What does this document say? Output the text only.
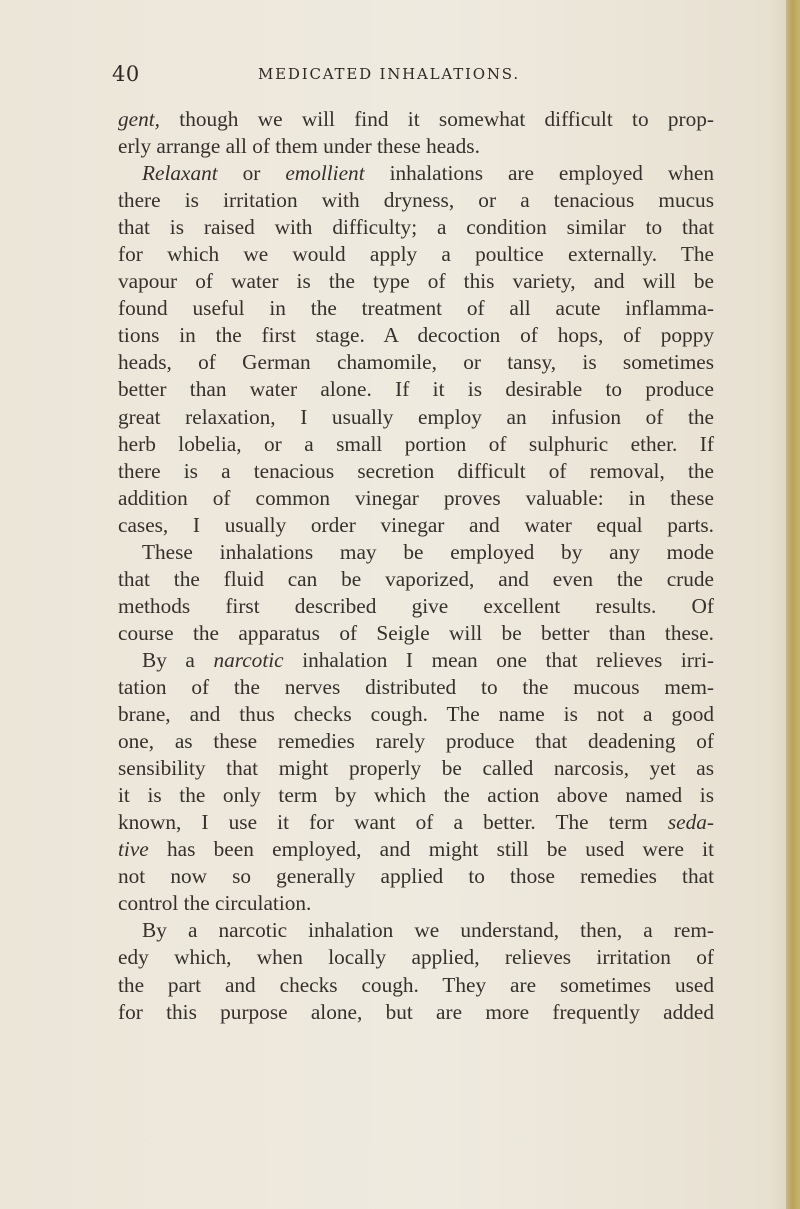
40	MEDICATED INHALATIONS.
gent, though we will find it somewhat difficult to prop-
erly arrange all of them under these heads.
Relaxant or emollient inhalations are employed when
there is irritation with dryness, or a tenacious mucus
that is raised with difficulty; a condition similar to that
for which we would apply a poultice externally. The
vapour of water is the type of this variety, and will be
found useful in the treatment of all acute inflamma-
tions in the first stage. A decoction of hops, of poppy
heads, of German chamomile, or tansy, is sometimes
better than water alone. If it is desirable to produce
great relaxation, I usually employ an infusion of the
herb lobelia, or a small portion of sulphuric ether. If
there is a tenacious secretion difficult of removal, the
addition of common vinegar proves valuable: in these
cases, I usually order vinegar and water equal parts.
These inhalations may be employed by any mode
that the fluid can be vaporized, and even the crude
methods first described give excellent results. Of
course the apparatus of Seigle will be better than these.
By a narcotic inhalation I mean one that relieves irri-
tation of the nerves distributed to the mucous mem-
brane, and thus checks cough. The name is not a good
one, as these remedies rarely produce that deadening of
sensibility that might properly be called narcosis, yet as
it is the only term by which the action above named is
known, I use it for want of a better. The term seda-
tive has been employed, and might still be used were it
not now so generally applied to those remedies that
control the circulation.
By a narcotic inhalation we understand, then, a rem-
edy which, when locally applied, relieves irritation of
the part and checks cough. They are sometimes used
for this purpose alone, but are more frequently added
